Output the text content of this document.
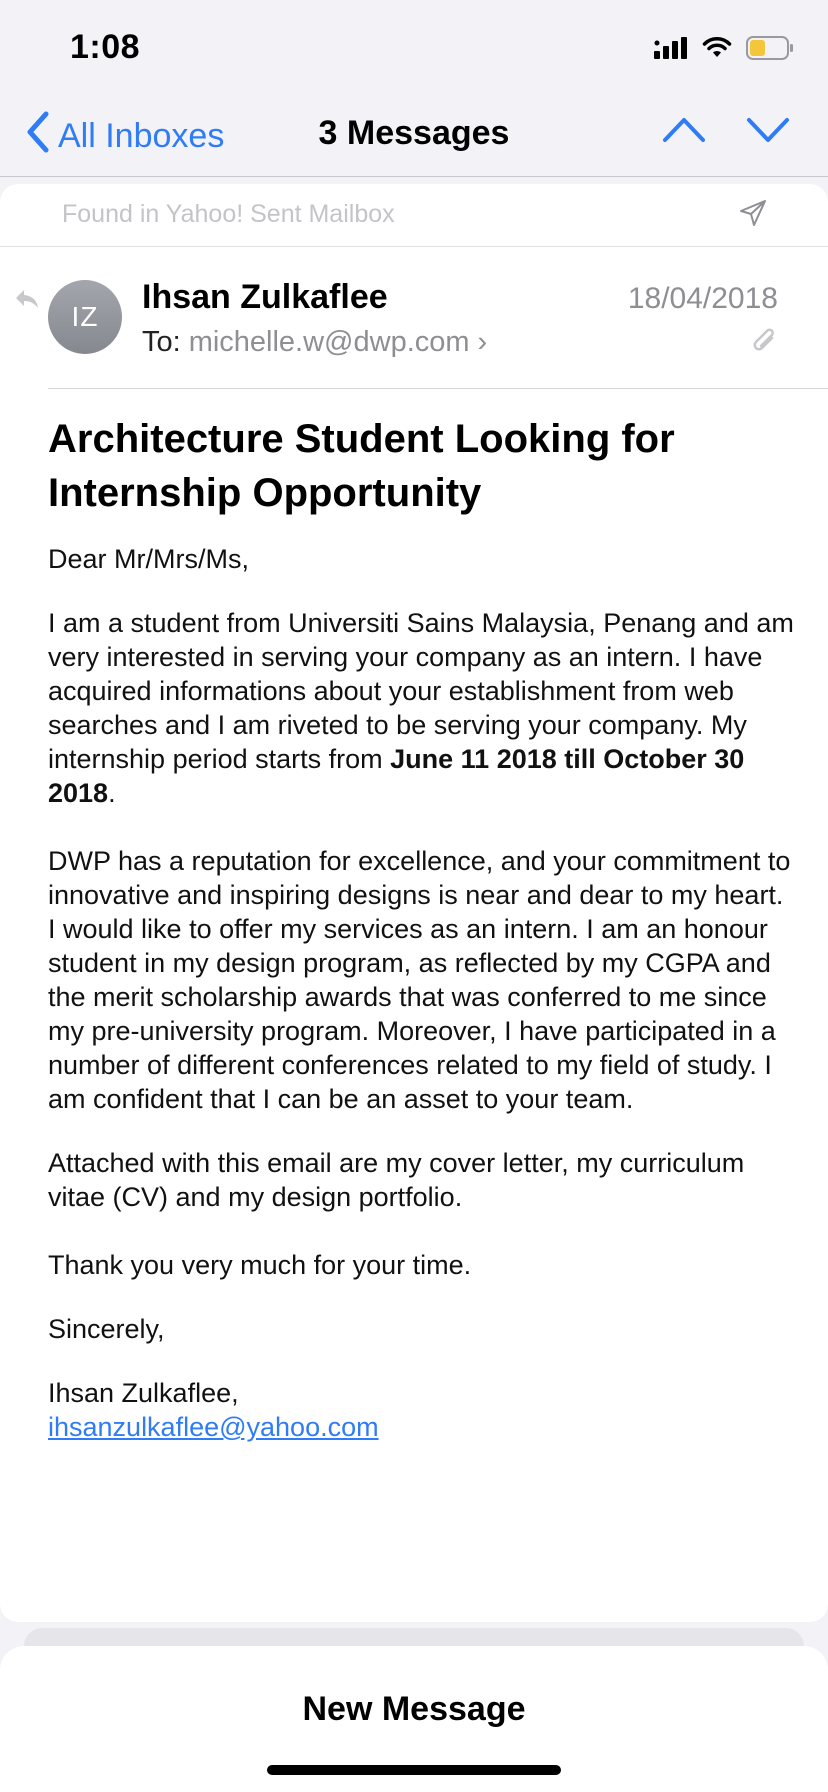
1:08
All Inboxes	3 Messages
Found in Yahoo! Sent Mailbox
IZ
Ihsan Zulkaflee
To: michelle.w@dwp.com ›
18/04/2018
Architecture Student Looking for Internship Opportunity

Dear Mr/Mrs/Ms,

I am a student from Universiti Sains Malaysia, Penang and am very interested in serving your company as an intern. I have acquired informations about your establishment from web searches and I am riveted to be serving your company. My internship period starts from June 11 2018 till October 30 2018.

DWP has a reputation for excellence, and your commitment to innovative and inspiring designs is near and dear to my heart. I would like to offer my services as an intern. I am an honour student in my design program, as reflected by my CGPA and the merit scholarship awards that was conferred to me since my pre-university program. Moreover, I have participated in a number of different conferences related to my field of study. I am confident that I can be an asset to your team.

Attached with this email are my cover letter, my curriculum vitae (CV) and my design portfolio.

Thank you very much for your time.

Sincerely,

Ihsan Zulkaflee,

ihsanzulkaflee@yahoo.com

New Message
